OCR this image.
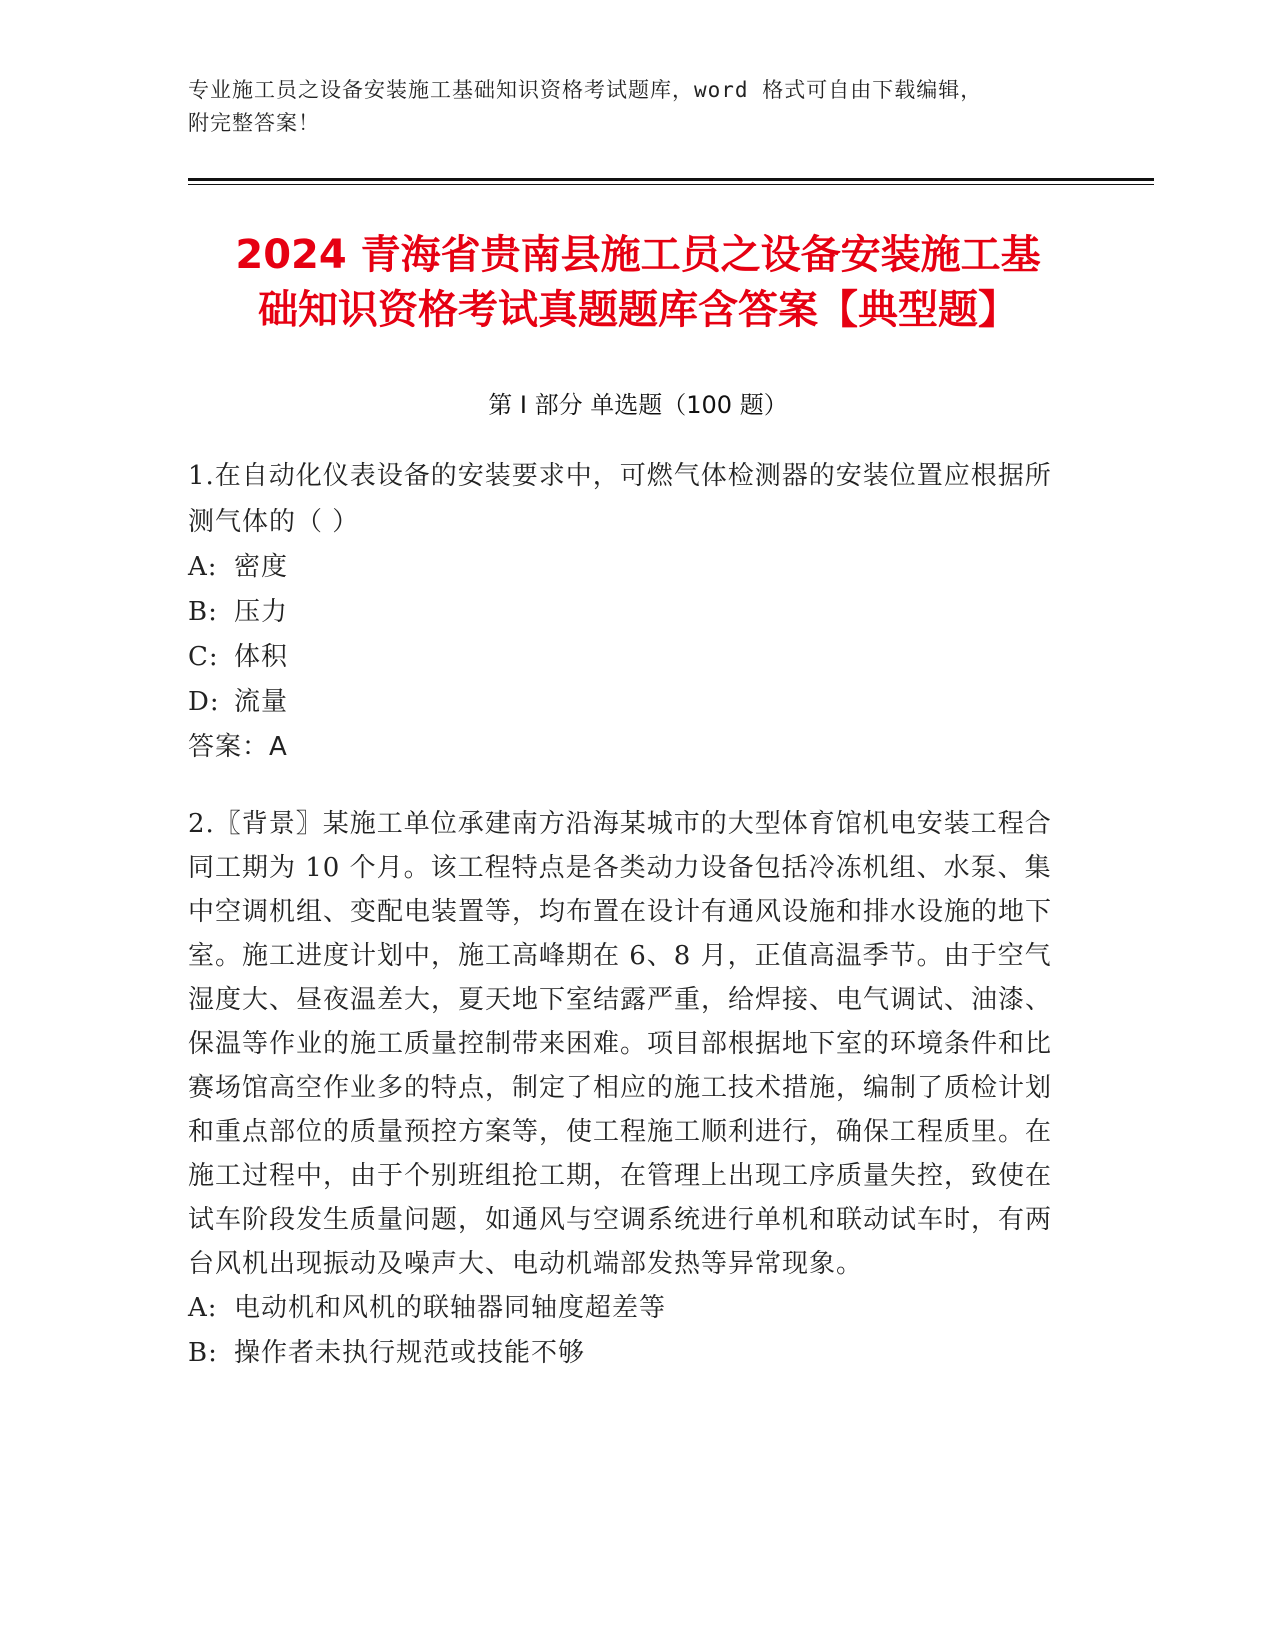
专业施工员之设备安装施工基础知识资格考试题库，word 格式可自由下载编辑，
附完整答案！
2024 青海省贵南县施工员之设备安装施工基
础知识资格考试真题题库含答案【典型题】
第 I 部分 单选题（100 题）

1.在自动化仪表设备的安装要求中，可燃气体检测器的安装位置应根据所测气体的（ ）

A: 密度

B: 压力

C: 体积

D: 流量

答案：A

2.〖背景〗某施工单位承建南方沿海某城市的大型体育馆机电安装工程合同工期为 10 个月。该工程特点是各类动力设备包括冷冻机组、水泵、集中空调机组、变配电装置等，均布置在设计有通风设施和排水设施的地下室。施工进度计划中，施工高峰期在 6、8 月，正值高温季节。由于空气湿度大、昼夜温差大，夏天地下室结露严重，给焊接、电气调试、油漆、保温等作业的施工质量控制带来困难。项目部根据地下室的环境条件和比赛场馆高空作业多的特点，制定了相应的施工技术措施，编制了质检计划和重点部位的质量预控方案等，使工程施工顺利进行，确保工程质里。在施工过程中，由于个别班组抢工期，在管理上出现工序质量失控，致使在试车阶段发生质量问题，如通风与空调系统进行单机和联动试车时，有两台风机出现振动及噪声大、电动机端部发热等异常现象。

A: 电动机和风机的联轴器同轴度超差等

B: 操作者未执行规范或技能不够
